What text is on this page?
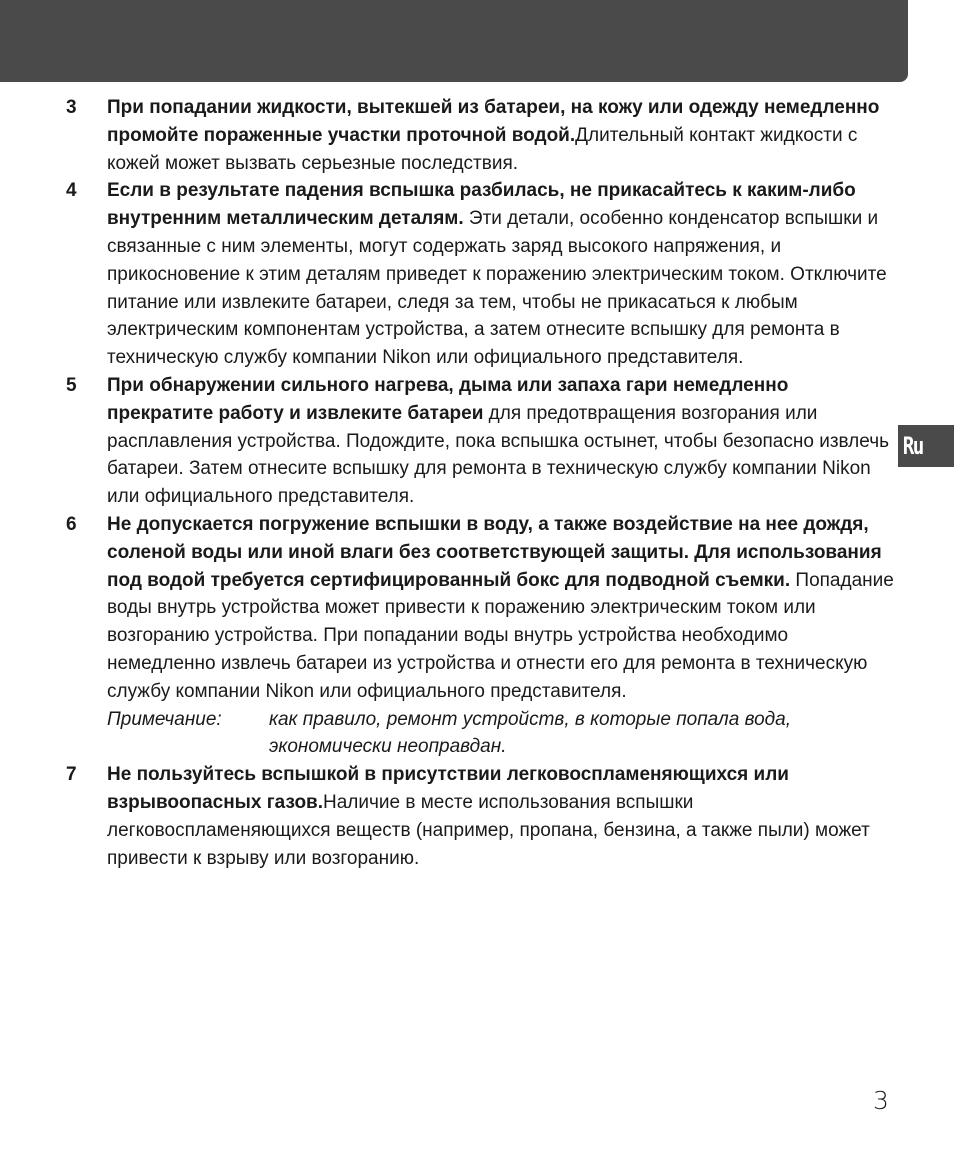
Ru
3 При попадании жидкости, вытекшей из батареи, на кожу или одежду немедленно промойте пораженные участки проточной водой.Длительный контакт жидкости с кожей может вызвать серьезные последствия.
4 Если в результате падения вспышка разбилась, не прикасайтесь к каким-либо внутренним металлическим деталям. Эти детали, особенно конденсатор вспышки и связанные с ним элементы, могут содержать заряд высокого напряжения, и прикосновение к этим деталям приведет к поражению электрическим током. Отключите питание или извлеките батареи, следя за тем, чтобы не прикасаться к любым электрическим компонентам устройства, а затем отнесите вспышку для ремонта в техническую службу компании Nikon или официального представителя.
5 При обнаружении сильного нагрева, дыма или запаха гари немедленно прекратите работу и извлеките батареи для предотвращения возгорания или расплавления устройства. Подождите, пока вспышка остынет, чтобы безопасно извлечь батареи. Затем отнесите вспышку для ремонта в техническую службу компании Nikon или официального представителя.
6 Не допускается погружение вспышки в воду, а также воздействие на нее дождя, соленой воды или иной влаги без соответствующей защиты. Для использования под водой требуется сертифицированный бокс для подводной съемки. Попадание воды внутрь устройства может привести к поражению электрическим током или возгоранию устройства. При попадании воды внутрь устройства необходимо немедленно извлечь батареи из устройства и отнести его для ремонта в техническую службу компании Nikon или официального представителя.
Примечание:	как правило, ремонт устройств, в которые попала вода, экономически неоправдан.
7 Не пользуйтесь вспышкой в присутствии легковоспламеняющихся или взрывоопасных газов.Наличие в месте использования вспышки легковоспламеняющихся веществ (например, пропана, бензина, а также пыли) может привести к взрыву или возгоранию.
3
